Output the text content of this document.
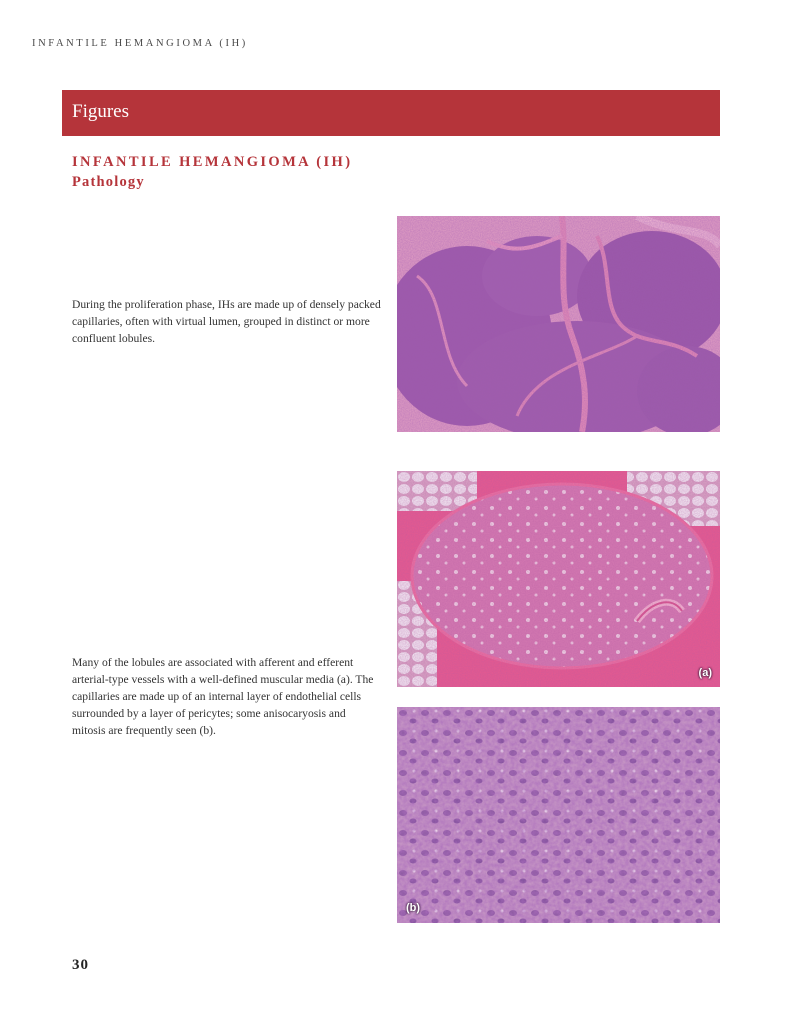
INFANTILE HEMANGIOMA (IH)
Figures
INFANTILE HEMANGIOMA (IH)
Pathology

During the proliferation phase, IHs are made up of densely packed capillaries, often with virtual lumen, grouped in distinct or more confluent lobules.

Many of the lobules are associated with afferent and efferent arterial-type vessels with a well-defined muscular media (a). The capillaries are made up of an internal layer of endothelial cells surrounded by a layer of pericytes; some anisocaryosis and mitosis are frequently seen (b).

(a)
(b)
30
